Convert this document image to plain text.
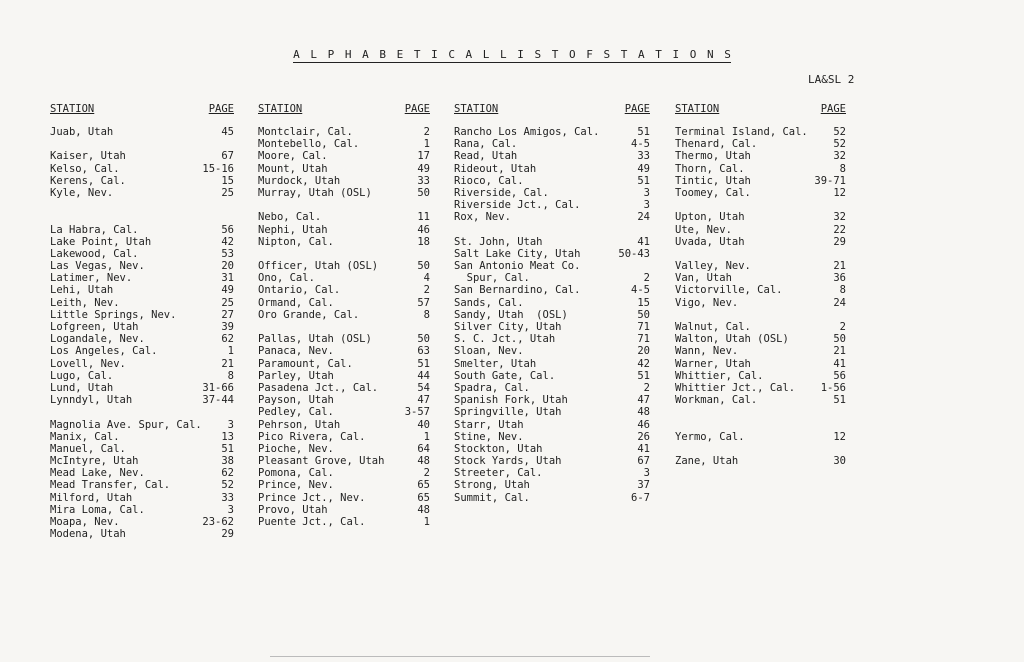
A L P H A B E T I C A L L I S T O F S T A T I O N S
LA&SL 2
STATION	PAGE
Juab, Utah	45
Kaiser, Utah	67
Kelso, Cal.	15-16
Kerens, Cal.	15
Kyle, Nev.	25
La Habra, Cal.	56
Lake Point, Utah	42
Lakewood, Cal.	53
Las Vegas, Nev.	20
Latimer, Nev.	31
Lehi, Utah	49
Leith, Nev.	25
Little Springs, Nev.	27
Lofgreen, Utah	39
Logandale, Nev.	62
Los Angeles, Cal.	1
Lovell, Nev.	21
Lugo, Cal.	8
Lund, Utah	31-66
Lynndyl, Utah	37-44
Magnolia Ave. Spur, Cal. 3
Manix, Cal.	13
Manuel, Cal.	51
McIntyre, Utah	38
Mead Lake, Nev.	62
Mead Transfer, Cal.	52
Milford, Utah	33
Mira Loma, Cal.	3
Moapa, Nev.	23-62
Modena, Utah	29
STATION	PAGE
Montclair, Cal.	2
Montebello, Cal.	1
Moore, Cal.	17
Mount, Utah	49
Murdock, Utah	33
Murray, Utah (OSL)	50
Nebo, Cal.	11
Nephi, Utah	46
Nipton, Cal.	18
Officer, Utah (OSL)	50
Ono, Cal.	4
Ontario, Cal.	2
Ormand, Cal.	57
Oro Grande, Cal.	8
Pallas, Utah (OSL)	50
Panaca, Nev.	63
Paramount, Cal.	51
Parley, Utah	44
Pasadena Jct., Cal.	54
Payson, Utah	47
Pedley, Cal.	3-57
Pehrson, Utah	40
Pico Rivera, Cal.	1
Pioche, Nev.	64
Pleasant Grove, Utah	48
Pomona, Cal.	2
Prince, Nev.	65
Prince Jct., Nev.	65
Provo, Utah	48
Puente Jct., Cal.	1
STATION	PAGE
Rancho Los Amigos, Cal.	51
Rana, Cal.	4-5
Read, Utah	33
Rideout, Utah	49
Rioco, Cal.	51
Riverside, Cal.	3
Riverside Jct., Cal.	3
Rox, Nev.	24
St. John, Utah	41
Salt Lake City, Utah	50-43
San Antonio Meat Co.
Spur, Cal.	2
San Bernardino, Cal.	4-5
Sands, Cal.	15
Sandy, Utah  (OSL)	50
Silver City, Utah	71
S. C. Jct., Utah	71
Sloan, Nev.	20
Smelter, Utah	42
South Gate, Cal.	51
Spadra, Cal.	2
Spanish Fork, Utah	47
Springville, Utah	48
Starr, Utah	46
Stine, Nev.	26
Stockton, Utah	41
Stock Yards, Utah	67
Streeter, Cal.	3
Strong, Utah	37
Summit, Cal.	6-7
STATION	PAGE
Terminal Island, Cal. 52
Thenard, Cal.	52
Thermo, Utah	32
Thorn, Cal.	8
Tintic, Utah	39-71
Toomey, Cal.	12
Upton, Utah	32
Ute, Nev.	22
Uvada, Utah	29
Valley, Nev.	21
Van, Utah	36
Victorville, Cal.	8
Vigo, Nev.	24
Walnut, Cal.	2
Walton, Utah (OSL)	50
Wann, Nev.	21
Warner, Utah	41
Whittier, Cal.	56
Whittier Jct., Cal. 1-56
Workman, Cal.	51
Yermo, Cal.	12
Zane, Utah	30
